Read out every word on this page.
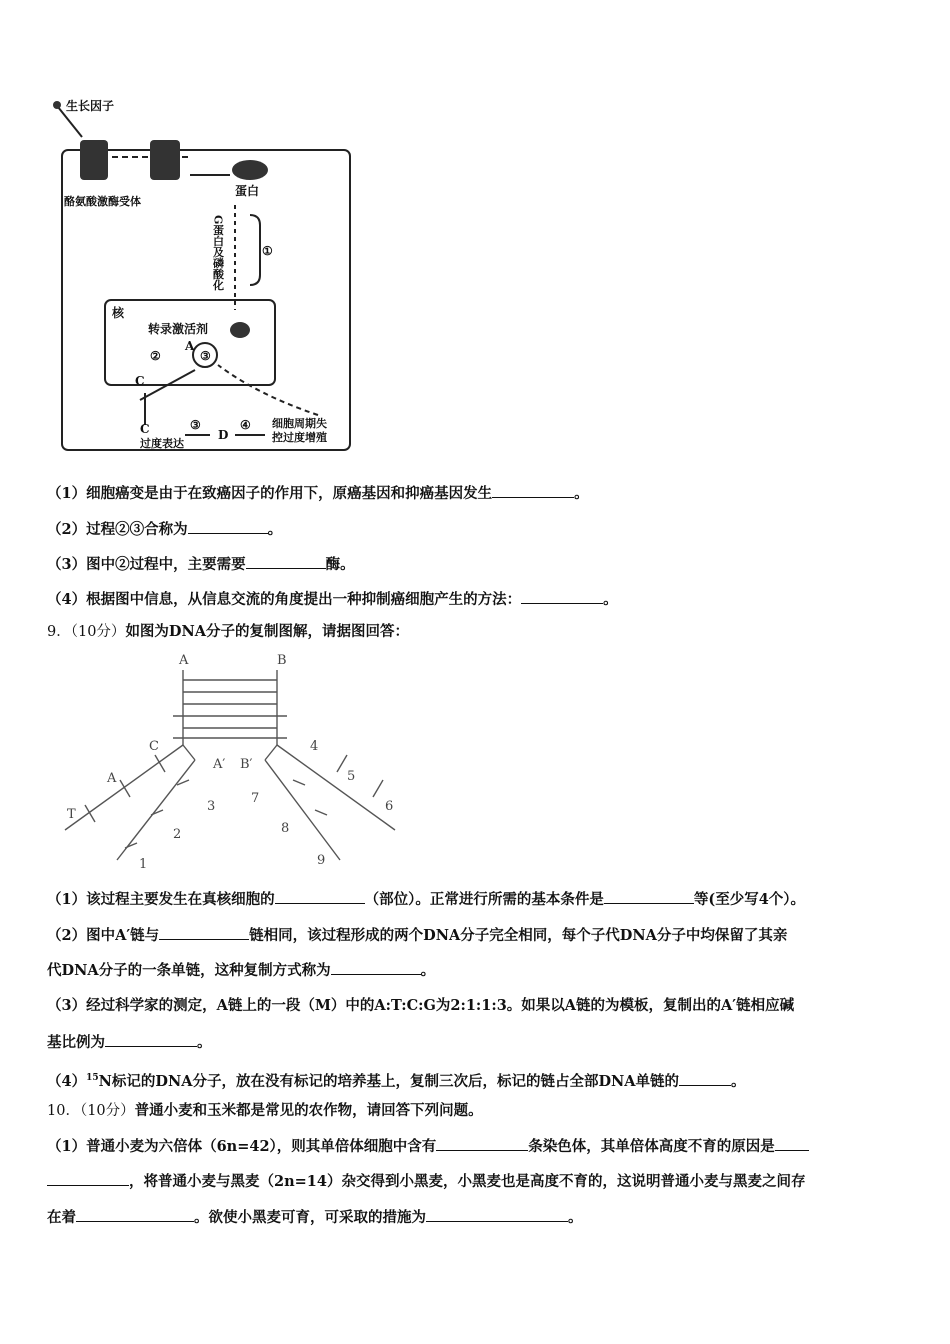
生长因子
酪氨酸激酶受体
蛋白
G蛋白及磷酸化	①
核
转录激活剂
②	③
A
C
C
过度表达
③	④
D
细胞周期失
控过度增殖
（1）细胞癌变是由于在致癌因子的作用下，原癌基因和抑癌基因发生	。
（2）过程②③合称为	。
（3）图中②过程中，主要需要	酶。
（4）根据图中信息，从信息交流的角度提出一种抑制癌细胞产生的方法：	。
9．（10分）如图为DNA分子的复制图解，请据图回答：
A	B
C
A′ B′
A
T
1
2
3
4
5
6
7
8
9
（1）该过程主要发生在真核细胞的	（部位）。正常进行所需的基本条件是	等(至少写4个）。
（2）图中A′链与	链相同，该过程形成的两个DNA分子完全相同，每个子代DNA分子中均保留了其亲
代DNA分子的一条单链，这种复制方式称为	。
（3）经过科学家的测定，A链上的一段（M）中的A:T:C:G为2:1:1:3。如果以A链的为模板，复制出的A′链相应碱
基比例为	。
$(4)^{15}N$标记的DNA分子，放在没有标记的培养基上，复制三次后，标记的链占全部DNA单链的	。
10．（10分）普通小麦和玉米都是常见的农作物，请回答下列问题。
（1）普通小麦为六倍体（6n=42），则其单倍体细胞中含有	条染色体，其单倍体高度不育的原因是
，将普通小麦与黑麦（2n=14）杂交得到小黑麦，小黑麦也是高度不育的，这说明普通小麦与黑麦之间存
在着	。欲使小黑麦可育，可采取的措施为	。
